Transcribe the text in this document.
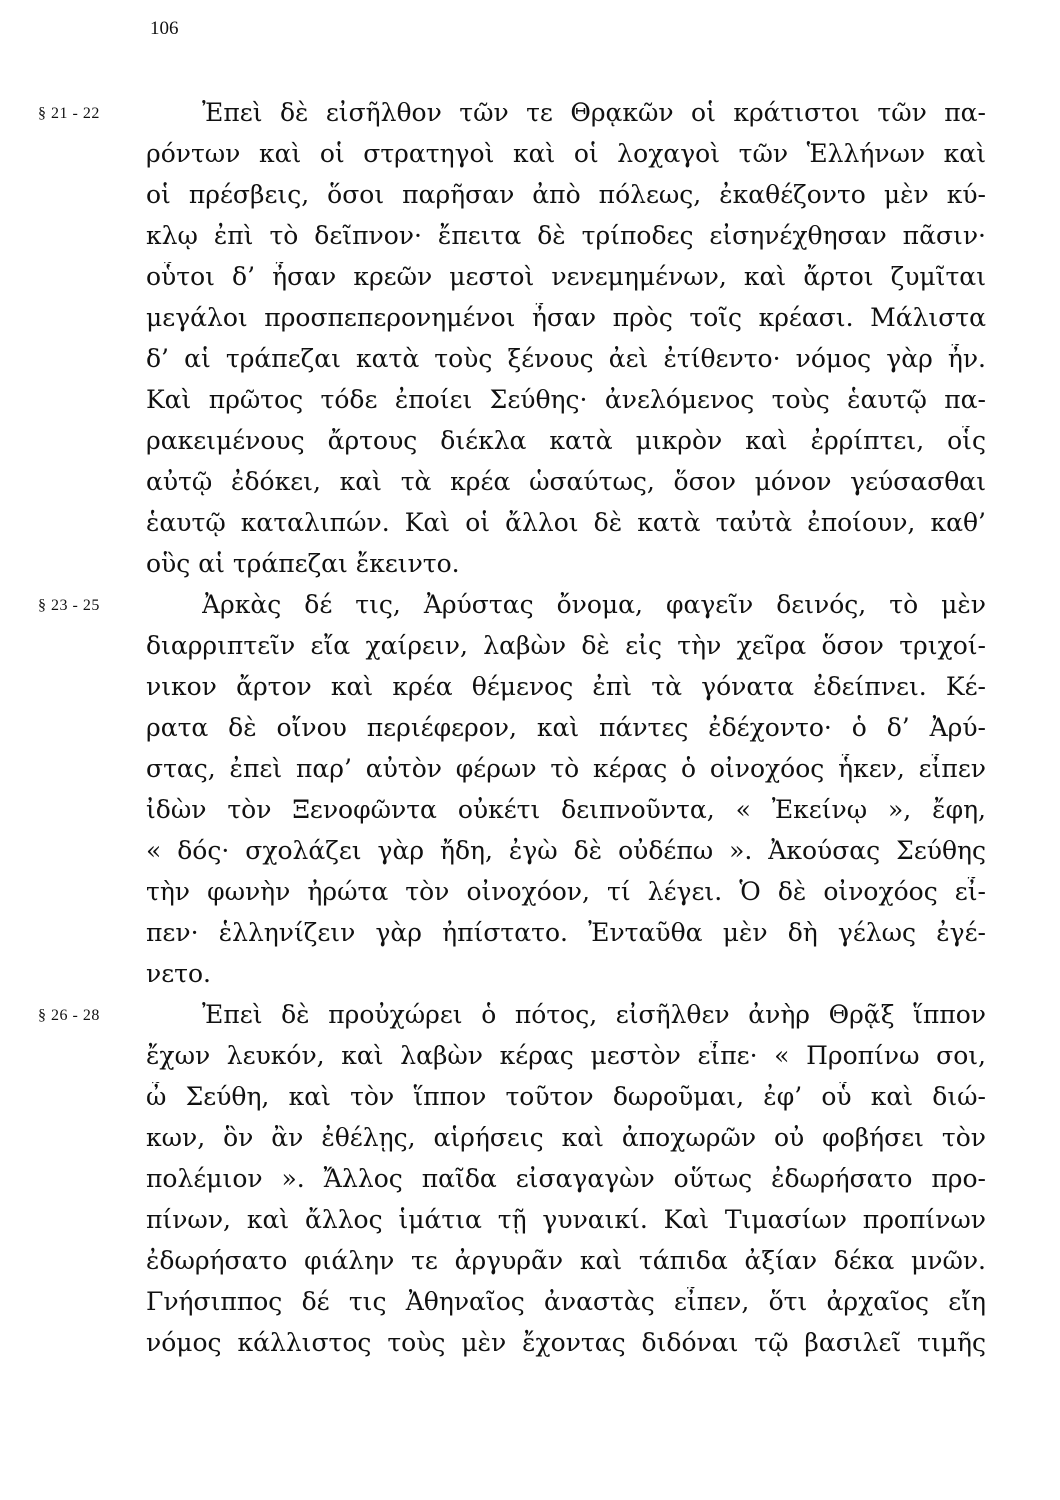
106
§ 21 - 22	Ἐπεὶ δὲ εἰσῆλθον τῶν τε Θρᾳκῶν οἱ κράτιστοι τῶν πα-
ρόντων καὶ οἱ στρατηγοὶ καὶ οἱ λοχαγοὶ τῶν Ἑλλήνων καὶ
οἱ πρέσβεις, ὅσοι παρῆσαν ἀπὸ πόλεως, ἐκαθέζοντο μὲν κύ-
κλῳ ἐπὶ τὸ δεῖπνον· ἔπειτα δὲ τρίποδες εἰσηνέχθησαν πᾶσιν·
οὗτοι δ’ ἦσαν κρεῶν μεστοὶ νενεμημένων, καὶ ἄρτοι ζυμῖται
μεγάλοι προσπεπερονημένοι ἦσαν πρὸς τοῖς κρέασι. Μάλιστα
δ’ αἱ τράπεζαι κατὰ τοὺς ξένους ἀεὶ ἐτίθεντο· νόμος γὰρ ἦν.
Καὶ πρῶτος τόδε ἐποίει Σεύθης· ἀνελόμενος τοὺς ἑαυτῷ πα-
ρακειμένους ἄρτους διέκλα κατὰ μικρὸν καὶ ἐρρίπτει, οἷς
αὐτῷ ἐδόκει, καὶ τὰ κρέα ὡσαύτως, ὅσον μόνον γεύσασθαι
ἑαυτῷ καταλιπών. Καὶ οἱ ἄλλοι δὲ κατὰ ταὐτὰ ἐποίουν, καθ’
οὓς αἱ τράπεζαι ἔκειντο.
§ 23 - 25	Ἀρκὰς δέ τις, Ἀρύστας ὄνομα, φαγεῖν δεινός, τὸ μὲν
διαρριπτεῖν εἴα χαίρειν, λαβὼν δὲ εἰς τὴν χεῖρα ὅσον τριχοί-
νικον ἄρτον καὶ κρέα θέμενος ἐπὶ τὰ γόνατα ἐδείπνει. Κέ-
ρατα δὲ οἴνου περιέφερον, καὶ πάντες ἐδέχοντο· ὁ δ’ Ἀρύ-
στας, ἐπεὶ παρ’ αὐτὸν φέρων τὸ κέρας ὁ οἰνοχόος ἧκεν, εἶπεν
ἰδὼν τὸν Ξενοφῶντα οὐκέτι δειπνοῦντα, « Ἐκείνῳ », ἔφη,
« δός· σχολάζει γὰρ ἤδη, ἐγὼ δὲ οὐδέπω ». Ἀκούσας Σεύθης
τὴν φωνὴν ἠρώτα τὸν οἰνοχόον, τί λέγει. Ὁ δὲ οἰνοχόος εἶ-
πεν· ἑλληνίζειν γὰρ ἠπίστατο. Ἐνταῦθα μὲν δὴ γέλως ἐγέ-
νετο.
§ 26 - 28	Ἐπεὶ δὲ προὐχώρει ὁ πότος, εἰσῆλθεν ἀνὴρ Θρᾷξ ἵππον
ἔχων λευκόν, καὶ λαβὼν κέρας μεστὸν εἶπε· « Προπίνω σοι,
ὦ Σεύθη, καὶ τὸν ἵππον τοῦτον δωροῦμαι, ἐφ’ οὗ καὶ διώ-
κων, ὃν ἂν ἐθέλῃς, αἱρήσεις καὶ ἀποχωρῶν οὐ φοβήσει τὸν
πολέμιον ». Ἄλλος παῖδα εἰσαγαγὼν οὕτως ἐδωρήσατο προ-
πίνων, καὶ ἄλλος ἱμάτια τῇ γυναικί. Καὶ Τιμασίων προπίνων
ἐδωρήσατο φιάλην τε ἀργυρᾶν καὶ τάπιδα ἀξίαν δέκα μνῶν.
Γνήσιππος δέ τις Ἀθηναῖος ἀναστὰς εἶπεν, ὅτι ἀρχαῖος εἴη
νόμος κάλλιστος τοὺς μὲν ἔχοντας διδόναι τῷ βασιλεῖ τιμῆς
